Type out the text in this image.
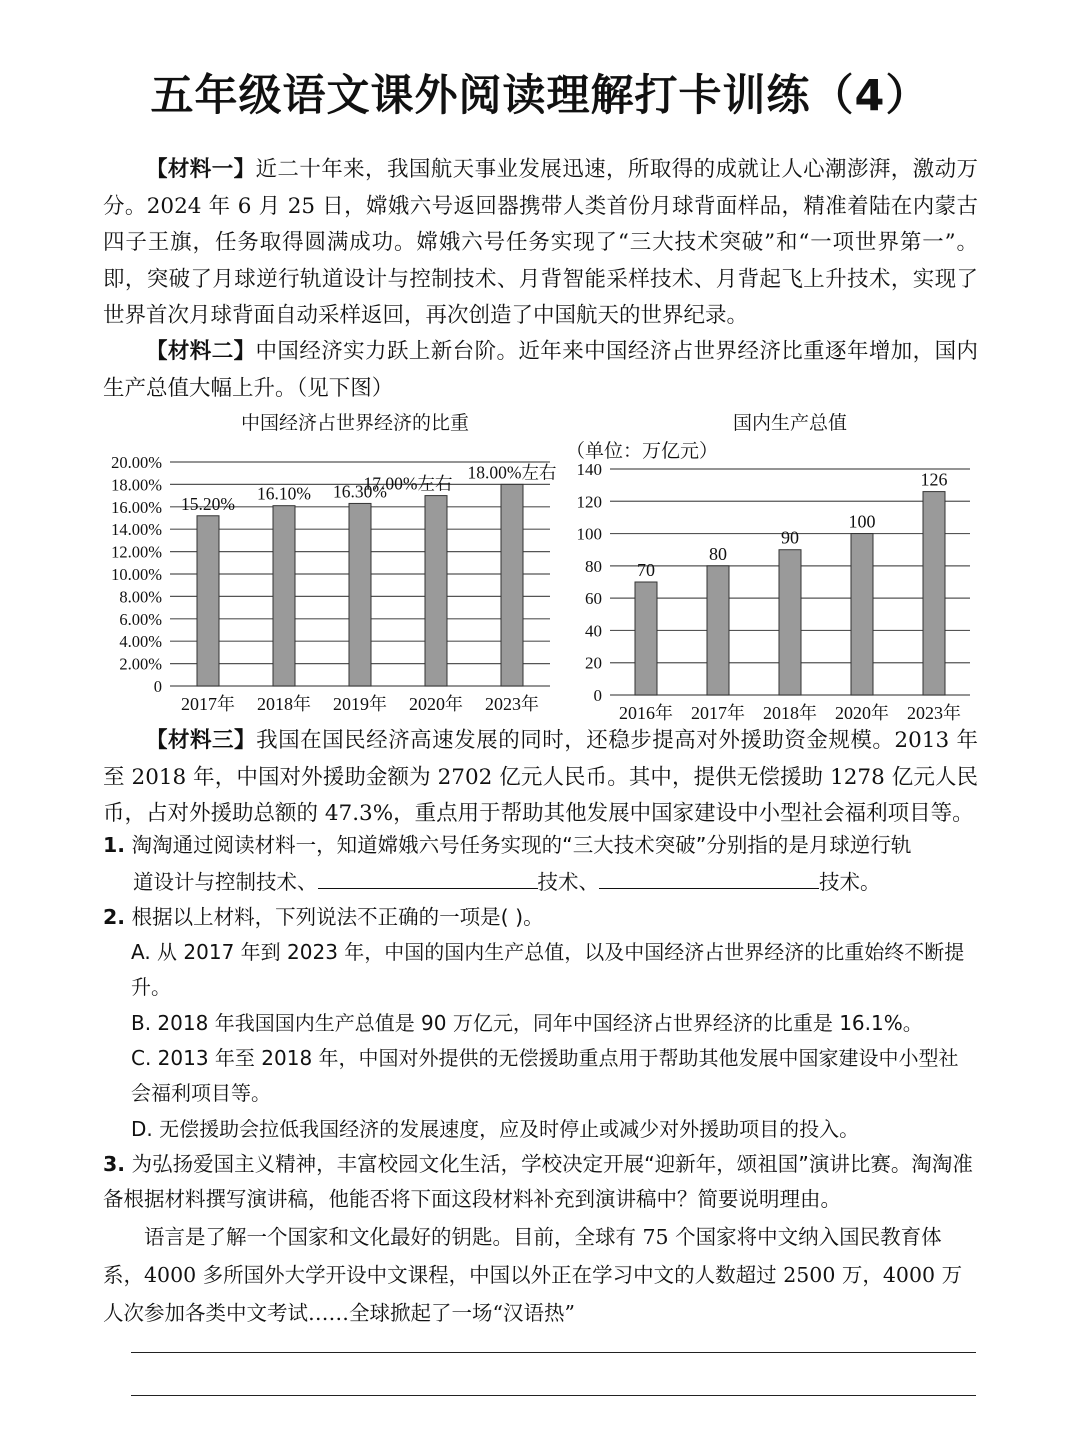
五年级语文课外阅读理解打卡训练（4）
【材料一】近二十年来，我国航天事业发展迅速，所取得的成就让人心潮澎湃，激动万分。2024 年 6 月 25 日，嫦娥六号返回器携带人类首份月球背面样品，精准着陆在内蒙古四子王旗，任务取得圆满成功。嫦娥六号任务实现了“三大技术突破”和“一项世界第一”。即，突破了月球逆行轨道设计与控制技术、月背智能采样技术、月背起飞上升技术，实现了世界首次月球背面自动采样返回，再次创造了中国航天的世界纪录。
【材料二】中国经济实力跃上新台阶。近年来中国经济占世界经济比重逐年增加，国内生产总值大幅上升。（见下图）
中国经济占世界经济的比重
0
2.00%
4.00%
6.00%
8.00%
10.00%
12.00%
14.00%
16.00%
18.00%
20.00%
15.20%
2017年
16.10%
2018年
16.30%
2019年
17.00%左右
2020年
18.00%左右
2023年
国内生产总值
（单位：万亿元）
0
20
40
60
80
100
120
140
70
2016年
80
2017年
90
2018年
100
2020年
126
2023年
【材料三】我国在国民经济高速发展的同时，还稳步提高对外援助资金规模。2013 年至 2018 年，中国对外援助金额为 2702 亿元人民币。其中，提供无偿援助 1278 亿元人民币，占对外援助总额的 47.3%，重点用于帮助其他发展中国家建设中小型社会福利项目等。
1. 淘淘通过阅读材料一，知道嫦娥六号任务实现的“三大技术突破”分别指的是月球逆行轨
道设计与控制技术、	技术、	技术。
2. 根据以上材料，下列说法不正确的一项是( )。
A. 从 2017 年到 2023 年，中国的国内生产总值，以及中国经济占世界经济的比重始终不断提升。
B. 2018 年我国国内生产总值是 90 万亿元，同年中国经济占世界经济的比重是 16.1%。
C. 2013 年至 2018 年，中国对外提供的无偿援助重点用于帮助其他发展中国家建设中小型社会福利项目等。
D. 无偿援助会拉低我国经济的发展速度，应及时停止或减少对外援助项目的投入。
3. 为弘扬爱国主义精神，丰富校园文化生活，学校决定开展“迎新年，颂祖国”演讲比赛。淘淘准备根据材料撰写演讲稿，他能否将下面这段材料补充到演讲稿中？简要说明理由。
语言是了解一个国家和文化最好的钥匙。目前，全球有 75 个国家将中文纳入国民教育体系，4000 多所国外大学开设中文课程，中国以外正在学习中文的人数超过 2500 万，4000 万人次参加各类中文考试……全球掀起了一场“汉语热”
